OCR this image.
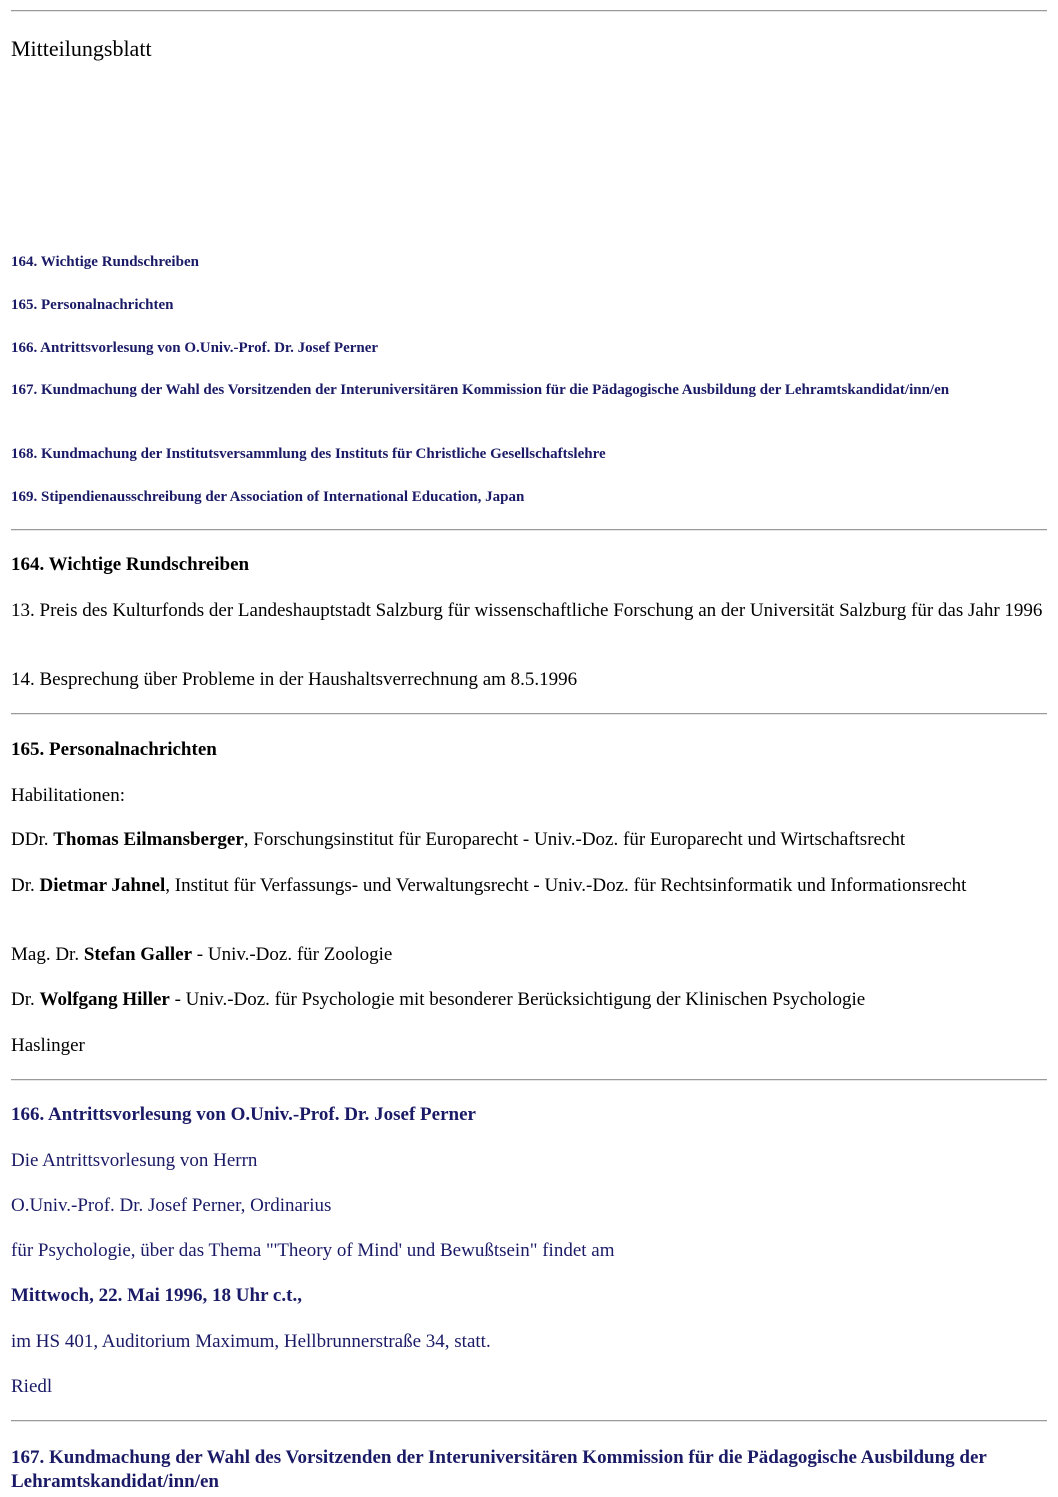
Mitteilungsblatt
164. Wichtige Rundschreiben
165. Personalnachrichten
166. Antrittsvorlesung von O.Univ.-Prof. Dr. Josef Perner
167. Kundmachung der Wahl des Vorsitzenden der Interuniversitären Kommission für die Pädagogische Ausbildung der Lehramtskandidat/inn/en
168. Kundmachung der Institutsversammlung des Instituts für Christliche Gesellschaftslehre
169. Stipendienausschreibung der Association of International Education, Japan
164. Wichtige Rundschreiben
13. Preis des Kulturfonds der Landeshauptstadt Salzburg für wissenschaftliche Forschung an der Universität Salzburg für das Jahr 1996
14. Besprechung über Probleme in der Haushaltsverrechnung am 8.5.1996
165. Personalnachrichten
Habilitationen:
DDr. Thomas Eilmansberger, Forschungsinstitut für Europarecht - Univ.-Doz. für Europarecht und Wirtschaftsrecht
Dr. Dietmar Jahnel, Institut für Verfassungs- und Verwaltungsrecht - Univ.-Doz. für Rechtsinformatik und Informationsrecht
Mag. Dr. Stefan Galler - Univ.-Doz. für Zoologie
Dr. Wolfgang Hiller - Univ.-Doz. für Psychologie mit besonderer Berücksichtigung der Klinischen Psychologie
Haslinger
166. Antrittsvorlesung von O.Univ.-Prof. Dr. Josef Perner
Die Antrittsvorlesung von Herrn
O.Univ.-Prof. Dr. Josef Perner, Ordinarius
für Psychologie, über das Thema "'Theory of Mind' und Bewußtsein" findet am
Mittwoch, 22. Mai 1996, 18 Uhr c.t.,
im HS 401, Auditorium Maximum, Hellbrunnerstraße 34, statt.
Riedl
167. Kundmachung der Wahl des Vorsitzenden der Interuniversitären Kommission für die Pädagogische Ausbildung der Lehramtskandidat/inn/en
